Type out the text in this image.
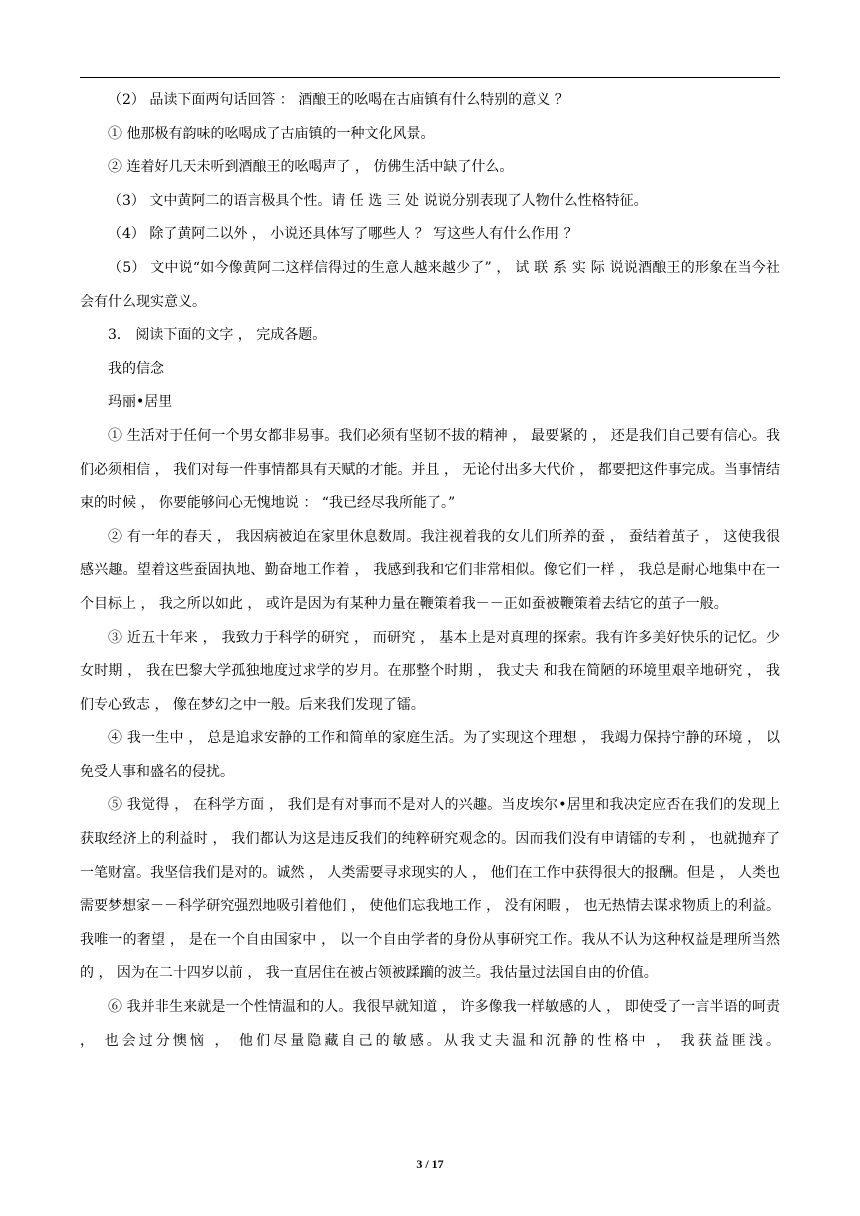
（2） 品读下面两句话回答 ： 酒酿王的吆喝在古庙镇有什么特别的意义 ？

① 他那极有韵味的吆喝成了古庙镇的一种文化风景。

② 连着好几天未听到酒酿王的吆喝声了 ， 仿佛生活中缺了什么。

（3） 文中黄阿二的语言极具个性。请 任 选 三 处 说说分别表现了人物什么性格特征。

（4） 除了黄阿二以外 ， 小说还具体写了哪些人 ？ 写这些人有什么作用 ？

（5） 文中说“如今像黄阿二这样信得过的生意人越来越少了” ， 试 联 系 实 际 说说酒酿王的形象在当今社会有什么现实意义。

3． 阅读下面的文字 ， 完成各题。

我的信念

玛丽•居里

① 生活对于任何一个男女都非易事。我们必须有坚韧不拔的精神 ， 最要紧的 ， 还是我们自己要有信心。我们必须相信 ， 我们对每一件事情都具有天赋的才能。并且 ， 无论付出多大代价 ， 都要把这件事完成。当事情结束的时候 ， 你要能够问心无愧地说 ： “我已经尽我所能了。”

② 有一年的春天 ， 我因病被迫在家里休息数周。我注视着我的女儿们所养的蚕 ， 蚕结着茧子 ， 这使我很感兴趣。望着这些蚕固执地、勤奋地工作着 ， 我感到我和它们非常相似。像它们一样 ， 我总是耐心地集中在一个目标上 ， 我之所以如此 ， 或许是因为有某种力量在鞭策着我－－正如蚕被鞭策着去结它的茧子一般。

③ 近五十年来 ， 我致力于科学的研究 ， 而研究 ， 基本上是对真理的探索。我有许多美好快乐的记忆。少女时期 ， 我在巴黎大学孤独地度过求学的岁月。在那整个时期 ， 我丈夫 和我在简陋的环境里艰辛地研究 ， 我们专心致志 ， 像在梦幻之中一般。后来我们发现了镭。

④ 我一生中 ， 总是追求安静的工作和简单的家庭生活。为了实现这个理想 ， 我竭力保持宁静的环境 ， 以免受人事和盛名的侵扰。

⑤ 我觉得 ， 在科学方面 ， 我们是有对事而不是对人的兴趣。当皮埃尔•居里和我决定应否在我们的发现上获取经济上的利益时 ， 我们都认为这是违反我们的纯粹研究观念的。因而我们没有申请镭的专利 ， 也就抛弃了一笔财富。我坚信我们是对的。诚然 ， 人类需要寻求现实的人 ， 他们在工作中获得很大的报酬。但是 ， 人类也需要梦想家－－科学研究强烈地吸引着他们 ， 使他们忘我地工作 ， 没有闲暇 ， 也无热情去谋求物质上的利益。我唯一的奢望 ， 是在一个自由国家中 ， 以一个自由学者的身份从事研究工作。我从不认为这种权益是理所当然的 ， 因为在二十四岁以前 ， 我一直居住在被占领被蹂躏的波兰。我估量过法国自由的价值。

⑥ 我并非生来就是一个性情温和的人。我很早就知道 ， 许多像我一样敏感的人 ， 即使受了一言半语的呵责 ， 也会过分懊恼 ， 他们尽量隐藏自己的敏感。从我丈夫温和沉静的性格中 ， 我获益匪浅。

3 / 17
